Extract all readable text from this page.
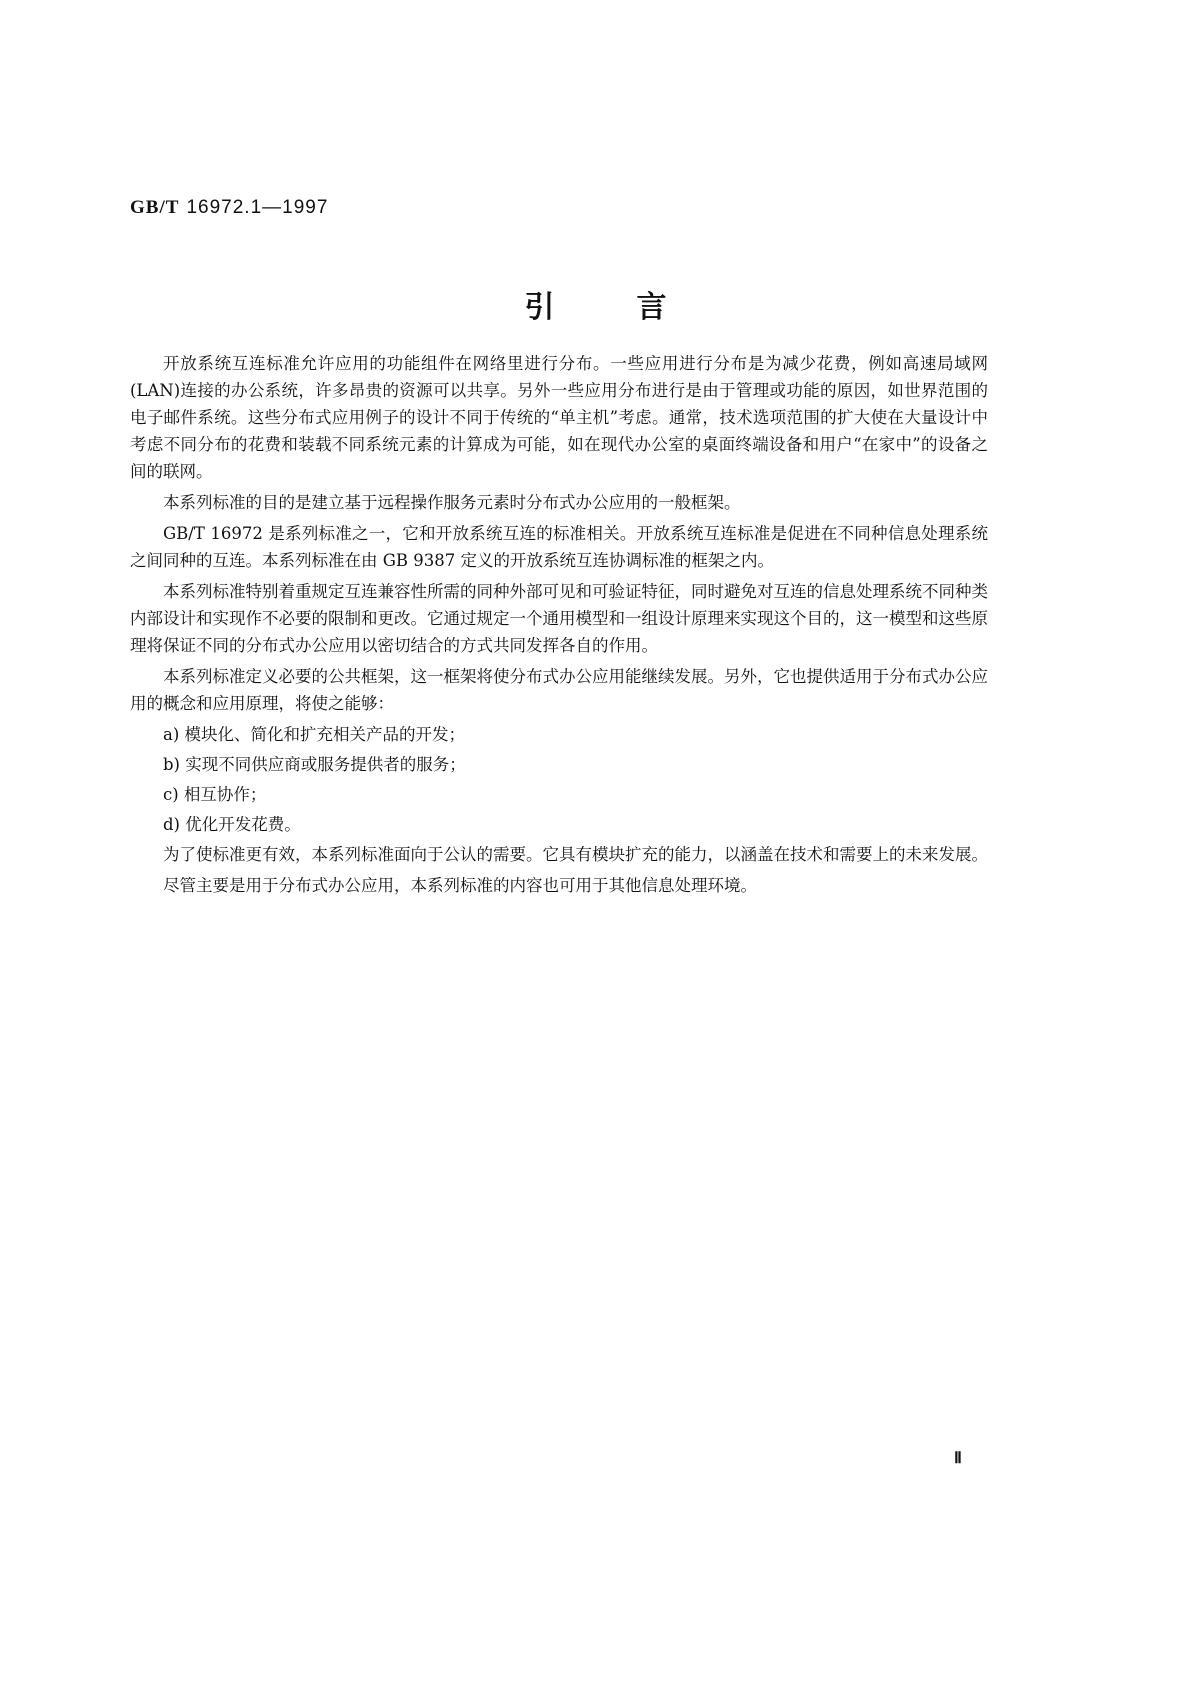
GB/T 16972.1—1997
引言

开放系统互连标准允许应用的功能组件在网络里进行分布。一些应用进行分布是为减少花费，例如高速局域网(LAN)连接的办公系统，许多昂贵的资源可以共享。另外一些应用分布进行是由于管理或功能的原因，如世界范围的电子邮件系统。这些分布式应用例子的设计不同于传统的“单主机”考虑。通常，技术选项范围的扩大使在大量设计中考虑不同分布的花费和装载不同系统元素的计算成为可能，如在现代办公室的桌面终端设备和用户“在家中”的设备之间的联网。

本系列标准的目的是建立基于远程操作服务元素时分布式办公应用的一般框架。

GB/T 16972 是系列标准之一，它和开放系统互连的标准相关。开放系统互连标准是促进在不同种信息处理系统之间同种的互连。本系列标准在由 GB 9387 定义的开放系统互连协调标准的框架之内。

本系列标准特别着重规定互连兼容性所需的同种外部可见和可验证特征，同时避免对互连的信息处理系统不同种类内部设计和实现作不必要的限制和更改。它通过规定一个通用模型和一组设计原理来实现这个目的，这一模型和这些原理将保证不同的分布式办公应用以密切结合的方式共同发挥各自的作用。

本系列标准定义必要的公共框架，这一框架将使分布式办公应用能继续发展。另外，它也提供适用于分布式办公应用的概念和应用原理，将使之能够：

a) 模块化、简化和扩充相关产品的开发；

b) 实现不同供应商或服务提供者的服务；

c) 相互协作；

d) 优化开发花费。

为了使标准更有效，本系列标准面向于公认的需要。它具有模块扩充的能力，以涵盖在技术和需要上的未来发展。

尽管主要是用于分布式办公应用，本系列标准的内容也可用于其他信息处理环境。

Ⅱ
